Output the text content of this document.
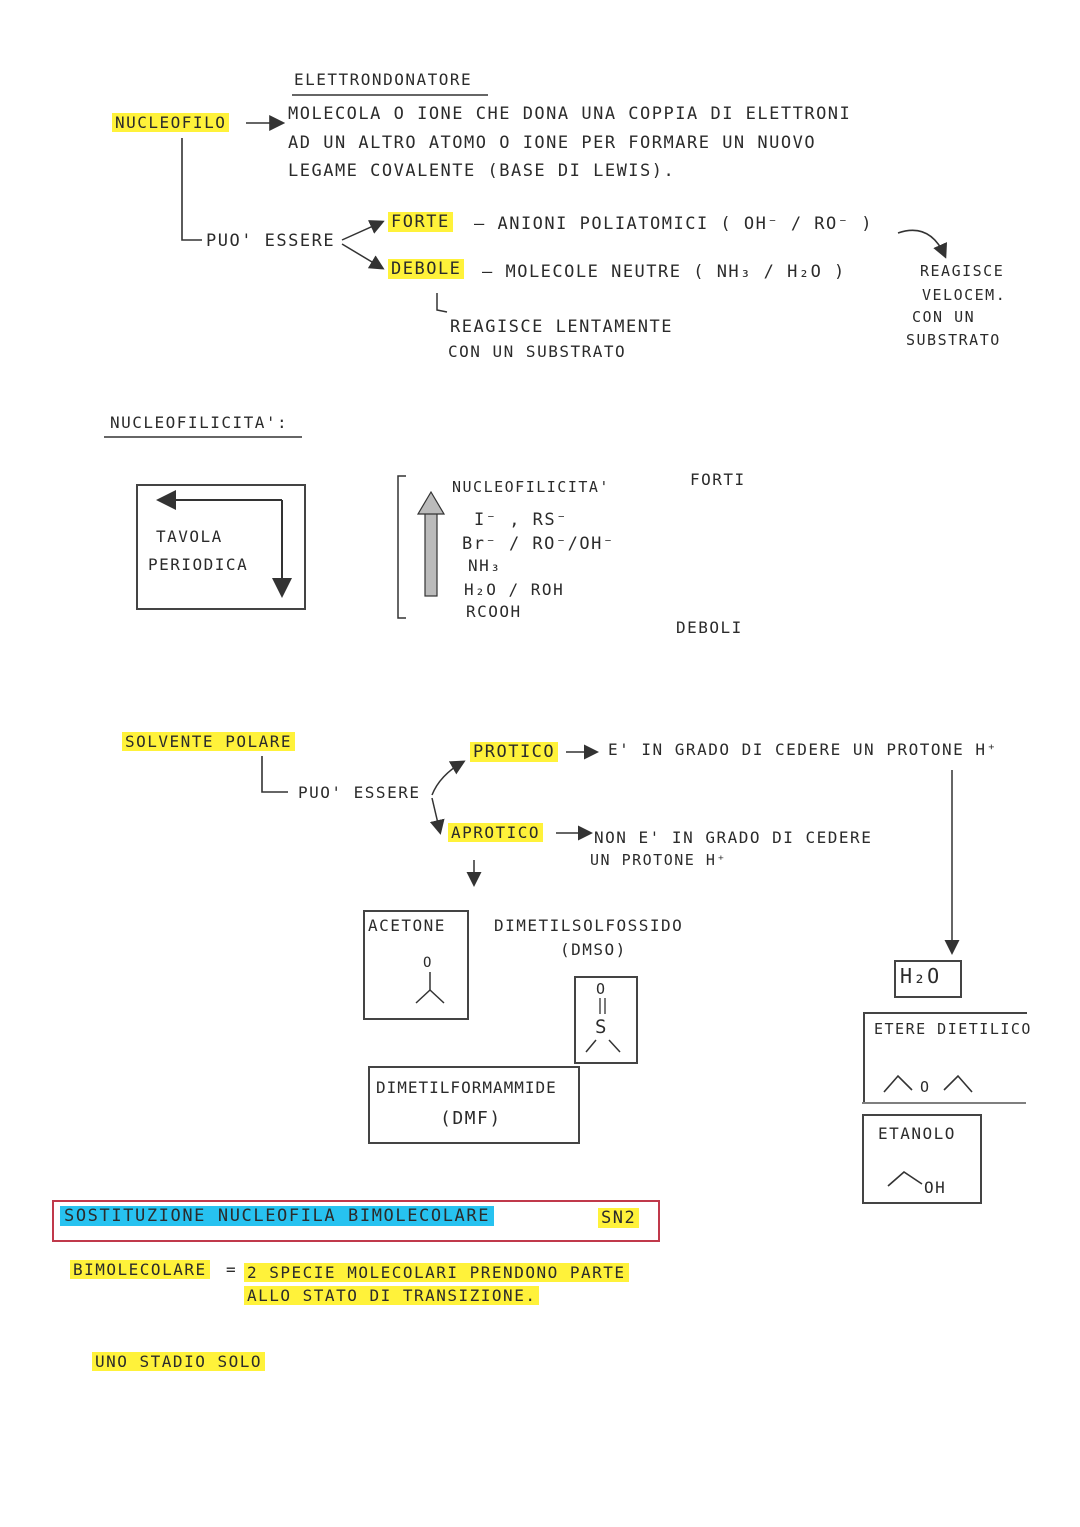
ELETTRONDONATORE
NUCLEOFILO	MOLECOLA O IONE CHE DONA UNA COPPIA DI ELETTRONI
AD UN ALTRO ATOMO O IONE PER FORMARE UN NUOVO
LEGAME COVALENTE (BASE DI LEWIS).
PUO' ESSERE
FORTE — ANIONI POLIATOMICI ( OH⁻ / RO⁻ )
DEBOLE — MOLECOLE NEUTRE ( NH₃ / H₂O )	REAGISCE
VELOCEM.
CON UN
SUBSTRATO
REAGISCE LENTAMENTE
CON UN SUBSTRATO
NUCLEOFILICITA':
TAVOLA
PERIODICA
NUCLEOFILICITA'
I⁻ , RS⁻
Br⁻ / RO⁻/OH⁻
NH₃
H₂O / ROH
RCOOH
FORTI
DEBOLI
SOLVENTE POLARE
PUO' ESSERE
PROTICO	E' IN GRADO DI CEDERE UN PROTONE H⁺
APROTICO	NON E' IN GRADO DI CEDERE
UN PROTONE H⁺
ACETONE
O
DIMETILSOLFOSSIDO
(DMSO)
O
S
DIMETILFORMAMMIDE
(DMF)
H₂O
ETERE DIETILICO
O
ETANOLO
OH
SOSTITUZIONE NUCLEOFILA BIMOLECOLARE	SN2
BIMOLECOLARE = 2 SPECIE MOLECOLARI PRENDONO PARTE
ALLO STATO DI TRANSIZIONE.
UNO STADIO SOLO
